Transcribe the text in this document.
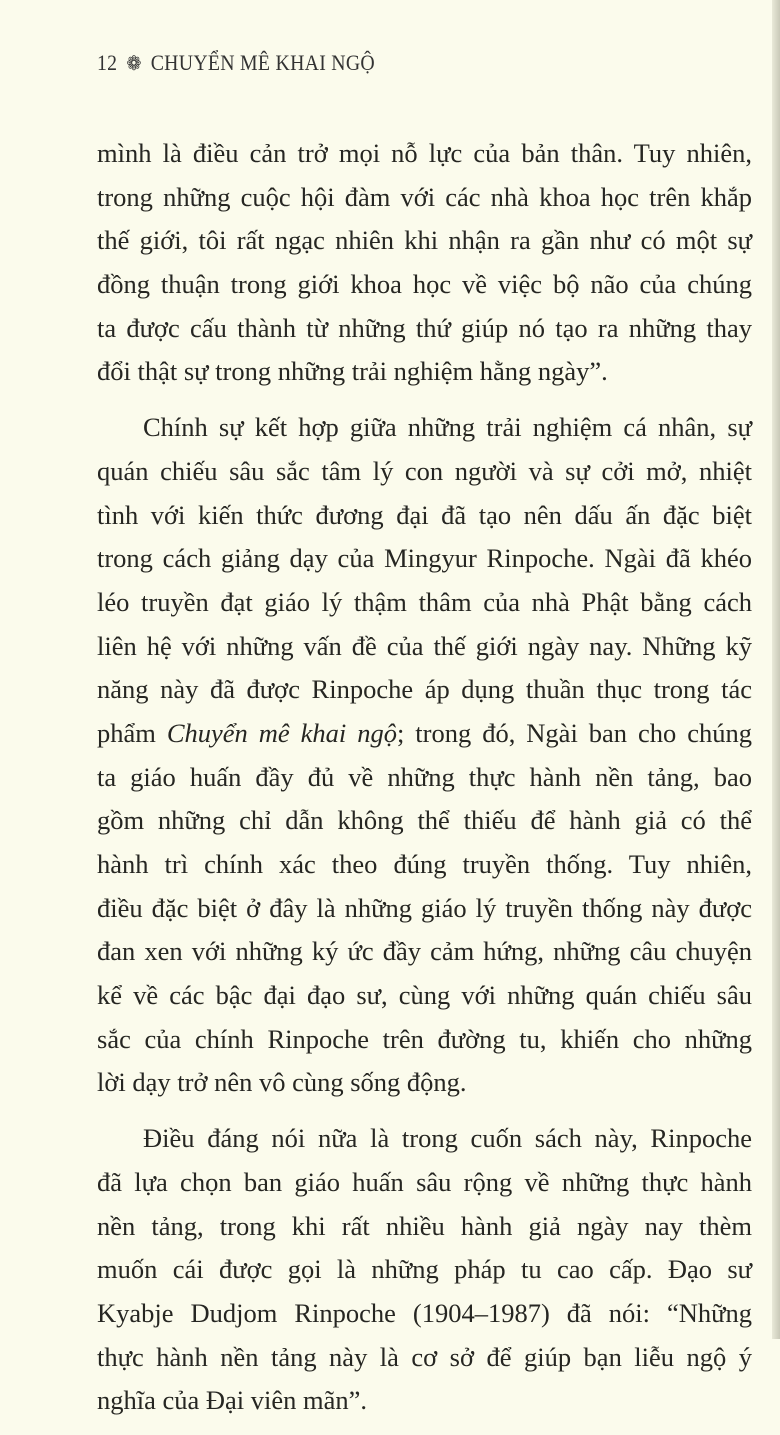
12 ❁ CHUYỂN MÊ KHAI NGỘ
mình là điều cản trở mọi nỗ lực của bản thân. Tuy nhiên,
trong những cuộc hội đàm với các nhà khoa học trên khắp
thế giới, tôi rất ngạc nhiên khi nhận ra gần như có một sự
đồng thuận trong giới khoa học về việc bộ não của chúng
ta được cấu thành từ những thứ giúp nó tạo ra những thay
đổi thật sự trong những trải nghiệm hằng ngày”.
Chính sự kết hợp giữa những trải nghiệm cá nhân, sự
quán chiếu sâu sắc tâm lý con người và sự cởi mở, nhiệt
tình với kiến thức đương đại đã tạo nên dấu ấn đặc biệt
trong cách giảng dạy của Mingyur Rinpoche. Ngài đã khéo
léo truyền đạt giáo lý thậm thâm của nhà Phật bằng cách
liên hệ với những vấn đề của thế giới ngày nay. Những kỹ
năng này đã được Rinpoche áp dụng thuần thục trong tác
phẩm Chuyển mê khai ngộ; trong đó, Ngài ban cho chúng
ta giáo huấn đầy đủ về những thực hành nền tảng, bao
gồm những chỉ dẫn không thể thiếu để hành giả có thể
hành trì chính xác theo đúng truyền thống. Tuy nhiên,
điều đặc biệt ở đây là những giáo lý truyền thống này được
đan xen với những ký ức đầy cảm hứng, những câu chuyện
kể về các bậc đại đạo sư, cùng với những quán chiếu sâu
sắc của chính Rinpoche trên đường tu, khiến cho những
lời dạy trở nên vô cùng sống động.
Điều đáng nói nữa là trong cuốn sách này, Rinpoche
đã lựa chọn ban giáo huấn sâu rộng về những thực hành
nền tảng, trong khi rất nhiều hành giả ngày nay thèm
muốn cái được gọi là những pháp tu cao cấp. Đạo sư
Kyabje Dudjom Rinpoche (1904–1987) đã nói: “Những
thực hành nền tảng này là cơ sở để giúp bạn liễu ngộ ý
nghĩa của Đại viên mãn”.
